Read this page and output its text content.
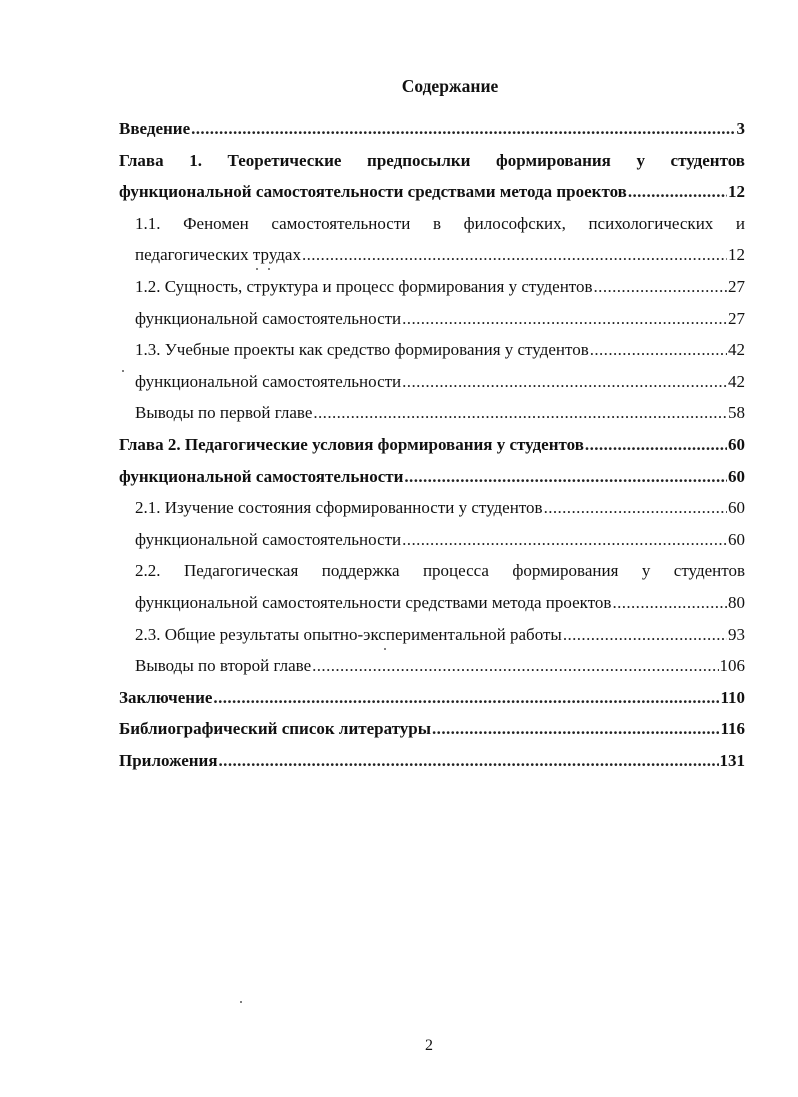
Содержание
Введение .....	3
Глава 1. Теоретические предпосылки формирования у студентов
функциональной самостоятельности средствами метода проектов .....	12
1.1. Феномен самостоятельности в философских, психологических и
педагогических трудах .....	12
1.2. Сущность, структура и процесс формирования у студентов .....	27
функциональной самостоятельности .....	27
1.3. Учебные проекты как средство формирования у студентов .....	42
функциональной самостоятельности .....	42
Выводы по первой главе .....	58
Глава 2. Педагогические условия формирования у студентов .....	60
функциональной самостоятельности .....	60
2.1. Изучение состояния сформированности у студентов .....	60
функциональной самостоятельности .....	60
2.2. Педагогическая поддержка процесса формирования у студентов
функциональной самостоятельности средствами метода проектов .....	80
2.3. Общие результаты опытно-экспериментальной работы .....	93
Выводы по второй главе .....	106
Заключение .....	110
Библиографический список литературы .....	116
Приложения .....	131
2
